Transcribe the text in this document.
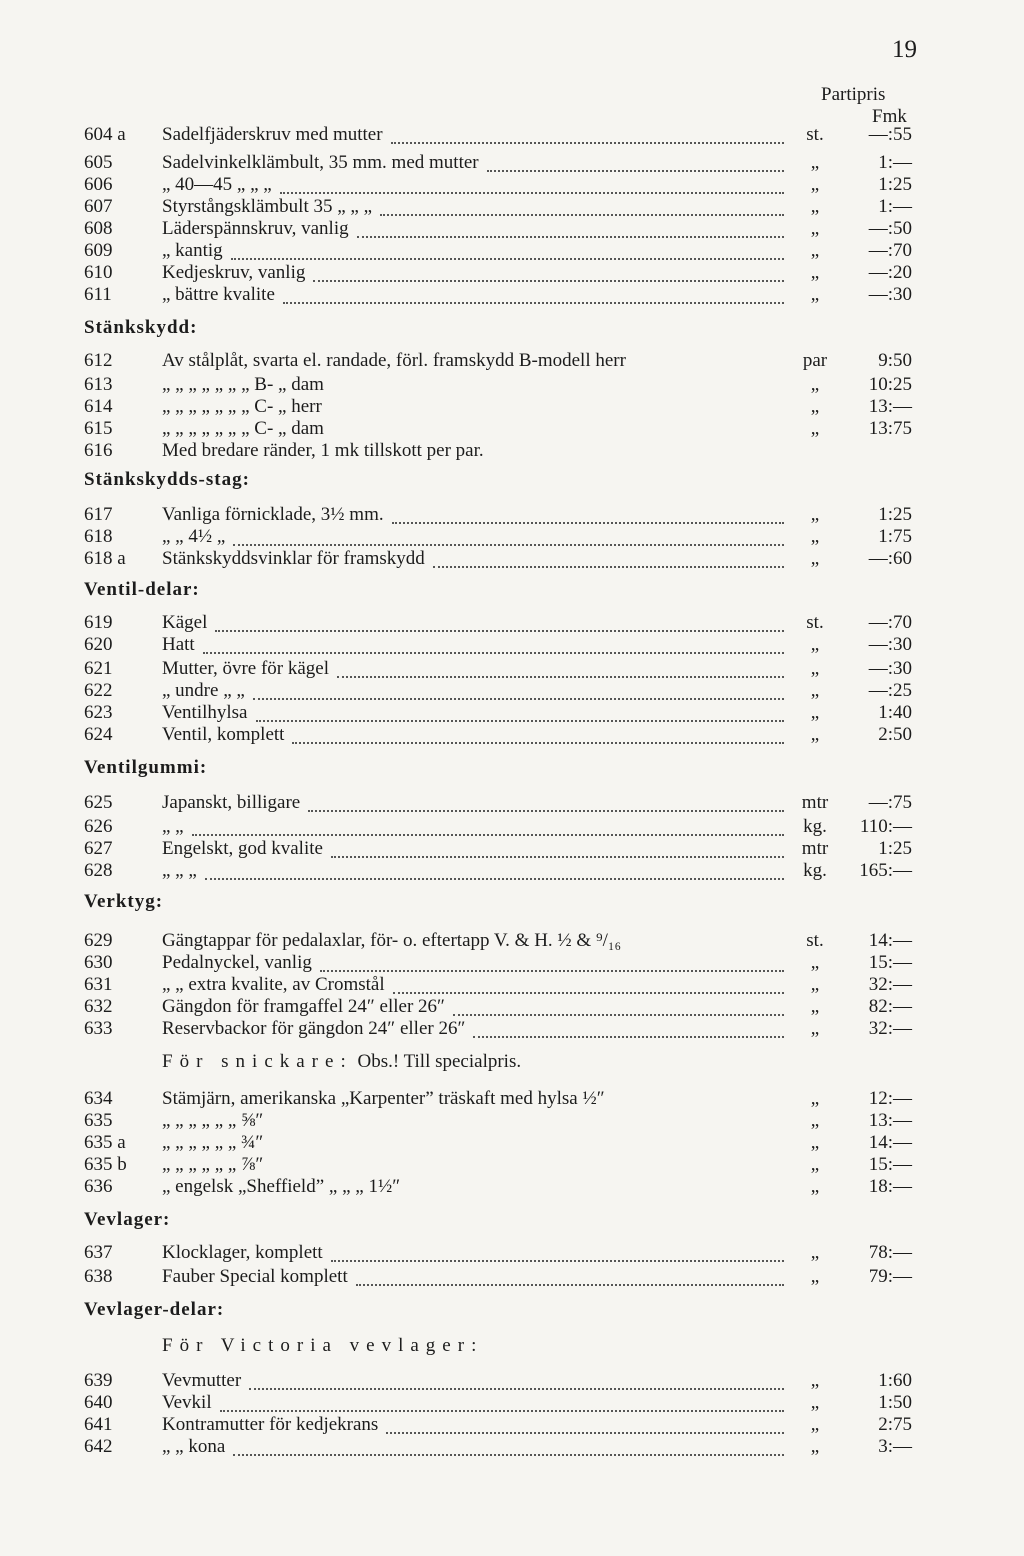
19
Partipris
Fmk
604 a Sadelfjäderskruv med mutter	st.	—:55
605	Sadelvinkelklämbult, 35 mm. med mutter	„	1:—
606	„ 40—45 „ „ „	„	1:25
607	Styrstångsklämbult 35 „ „ „	„	1:—
608	Läderspännskruv, vanlig	„	—:50
609	„ kantig	„	—:70
610	Kedjeskruv, vanlig	„	—:20
611	„ bättre kvalite	„	—:30
Stänkskydd:
612	Av stålplåt, svarta el. randade, förl. framskydd B-modell herr	par	9:50
613	„ „ „ „ „ „ „ B- „ dam	„	10:25
614	„ „ „ „ „ „ „ C- „ herr	„	13:—
615	„ „ „ „ „ „ „ C- „ dam	„	13:75
616	Med bredare ränder, 1 mk tillskott per par.
Stänkskydds-stag:
617	Vanliga förnicklade, 3½ mm.	„	1:25
618	„ „ 4½ „	„	1:75
618 a Stänkskyddsvinklar för framskydd	„	—:60
Ventil-delar:
619	Kägel	st.	—:70
620	Hatt	„	—:30
621	Mutter, övre för kägel	„	—:30
622	„ undre „ „	„	—:25
623	Ventilhylsa	„	1:40
624	Ventil, komplett	„	2:50
Ventilgummi:
625	Japanskt, billigare	mtr	—:75
626	„ „	kg.	110:—
627	Engelskt, god kvalite	mtr	1:25
628	„ „ „	kg.	165:—
Verktyg:
629	Gängtappar för pedalaxlar, för- o. eftertapp V. & H. ½ & ⁹/₁₆	st.	14:—
630	Pedalnyckel, vanlig	„	15:—
631	„ „ extra kvalite, av Cromstål	„	32:—
632	Gängdon för framgaffel 24″ eller 26″	„	82:—
633	Reservbackor för gängdon 24″ eller 26″	„	32:—
För snickare: Obs.! Till specialpris.
634	Stämjärn, amerikanska „Karpenter” träskaft med hylsa ½″	„	12:—
635	„ „ „ „ „ „ ⅝″	„	13:—
635 a „ „ „ „ „ „ ¾″	„	14:—
635 b „ „ „ „ „ „ ⅞″	„	15:—
636	„ engelsk „Sheffield” „ „ „ 1½″	„	18:—
Vevlager:
637	Klocklager, komplett	„	78:—
638	Fauber Special komplett	„	79:—
Vevlager-delar:
För Victoria vevlager:
639	Vevmutter	„	1:60
640	Vevkil	„	1:50
641	Kontramutter för kedjekrans	„	2:75
642	„ „ kona	„	3:—
